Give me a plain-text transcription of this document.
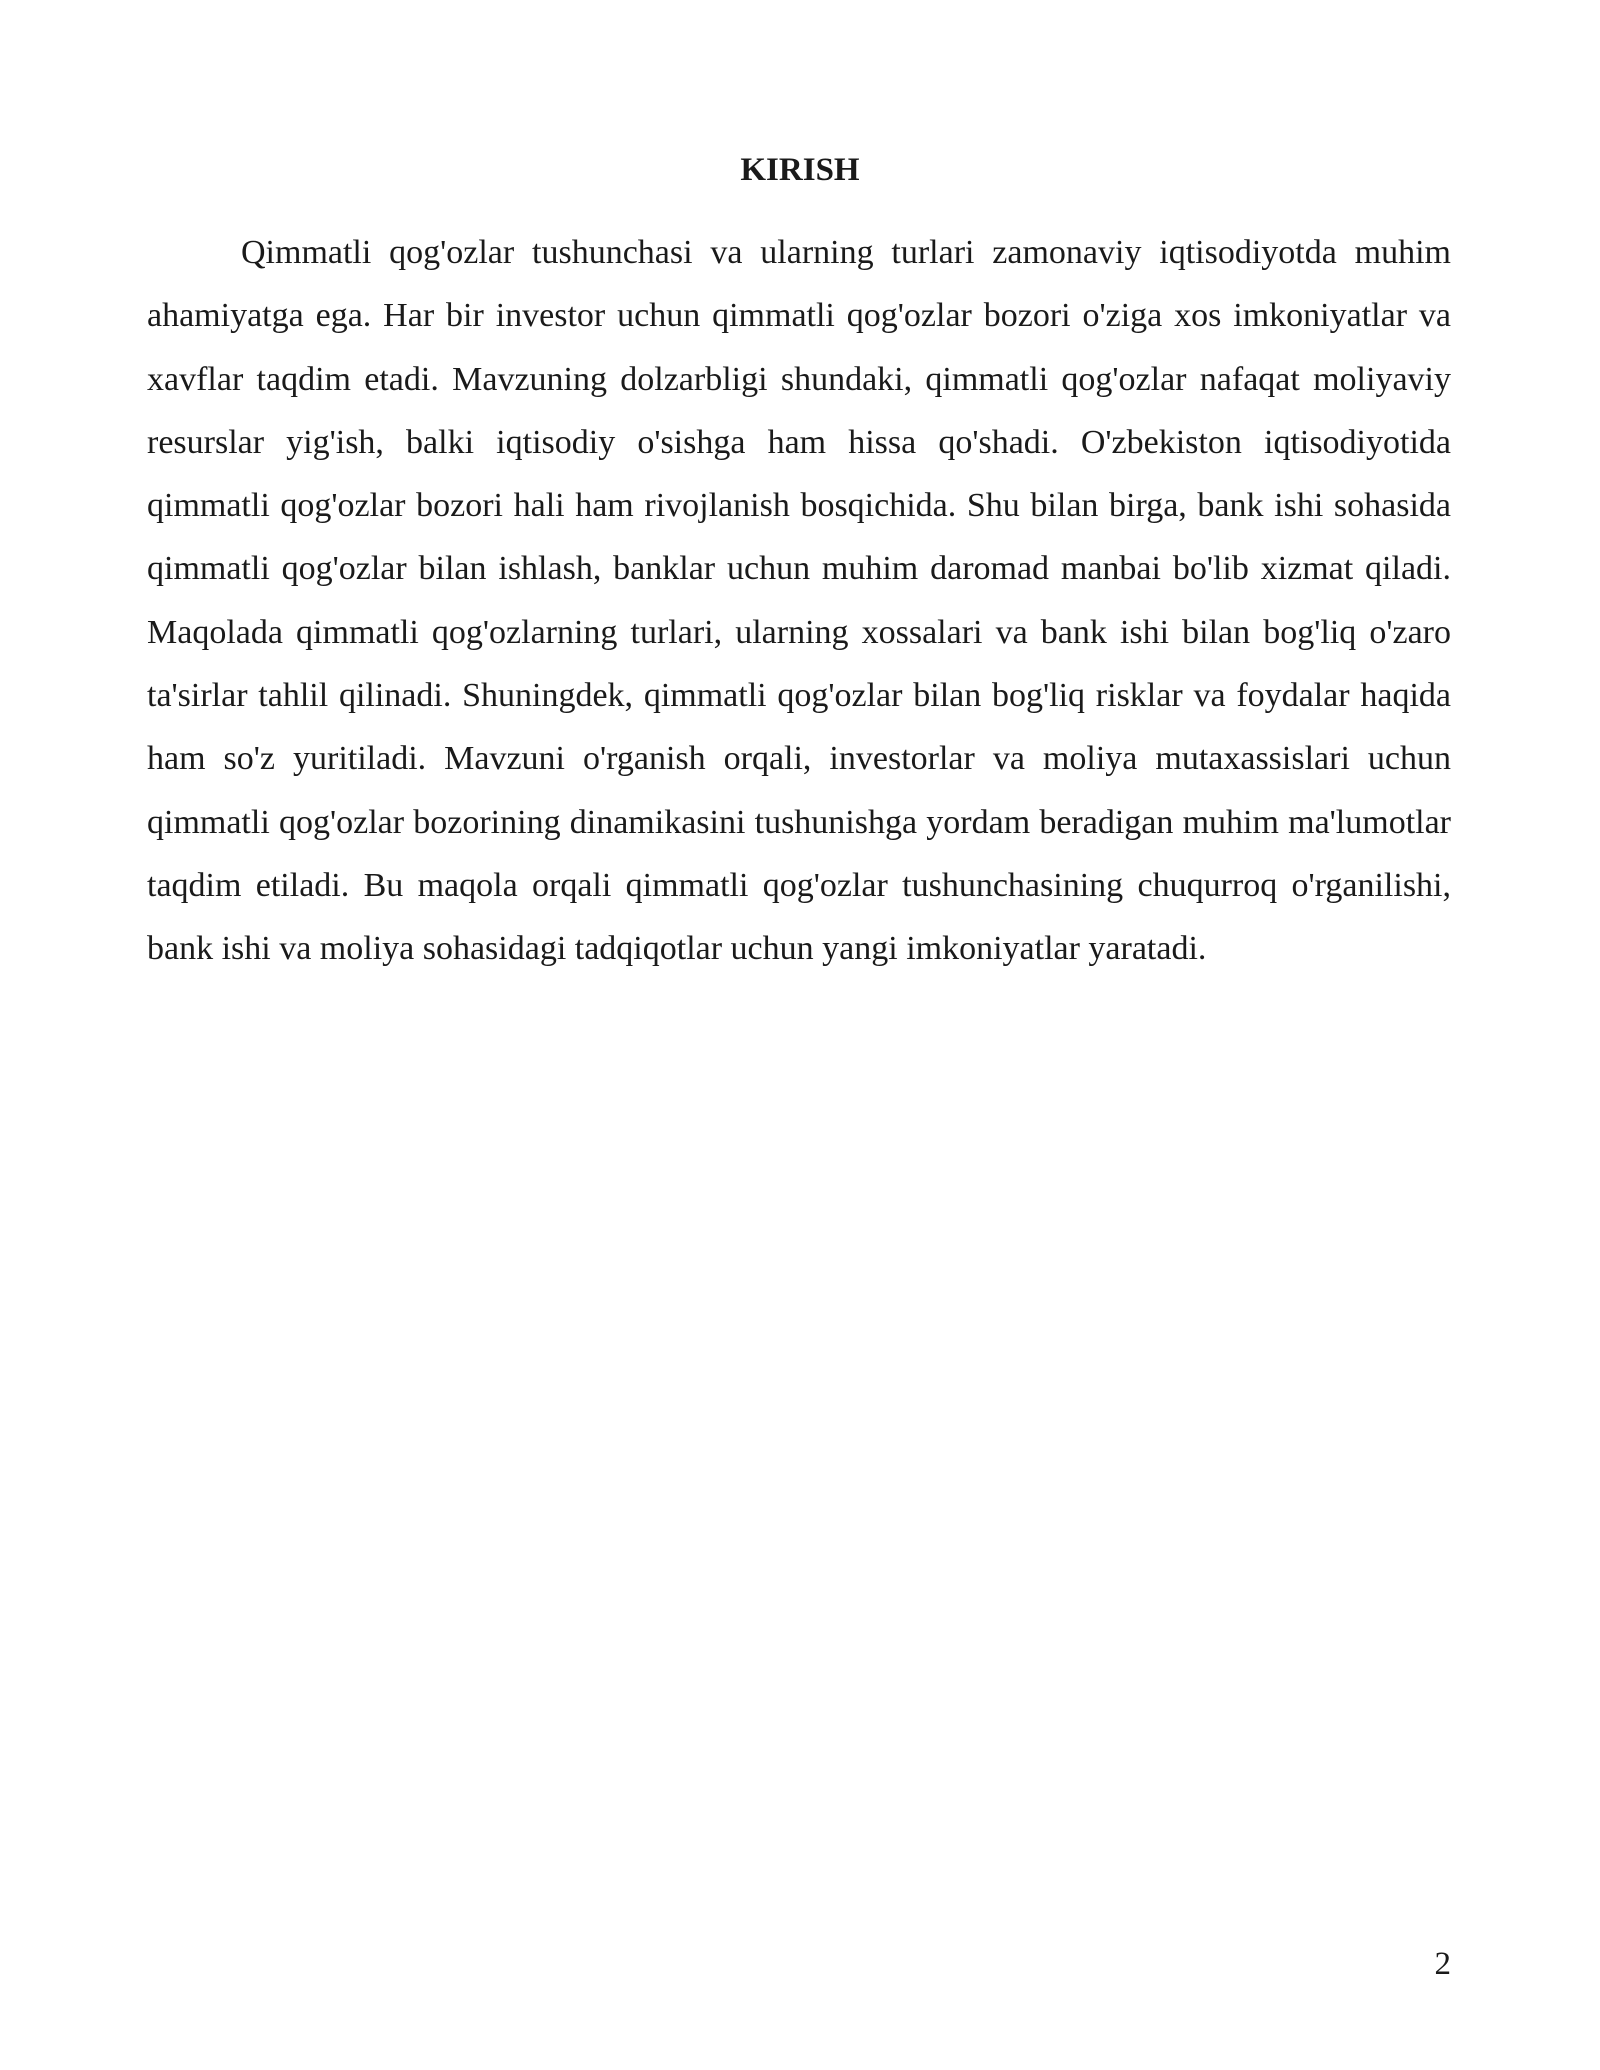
KIRISH

Qimmatli qog'ozlar tushunchasi va ularning turlari zamonaviy iqtisodiyotda muhim ahamiyatga ega. Har bir investor uchun qimmatli qog'ozlar bozori o'ziga xos imkoniyatlar va xavflar taqdim etadi. Mavzuning dolzarbligi shundaki, qimmatli qog'ozlar nafaqat moliyaviy resurslar yig'ish, balki iqtisodiy o'sishga ham hissa qo'shadi. O'zbekiston iqtisodiyotida qimmatli qog'ozlar bozori hali ham rivojlanish bosqichida. Shu bilan birga, bank ishi sohasida qimmatli qog'ozlar bilan ishlash, banklar uchun muhim daromad manbai bo'lib xizmat qiladi. Maqolada qimmatli qog'ozlarning turlari, ularning xossalari va bank ishi bilan bog'liq o'zaro ta'sirlar tahlil qilinadi. Shuningdek, qimmatli qog'ozlar bilan bog'liq risklar va foydalar haqida ham so'z yuritiladi. Mavzuni o'rganish orqali, investorlar va moliya mutaxassislari uchun qimmatli qog'ozlar bozorining dinamikasini tushunishga yordam beradigan muhim ma'lumotlar taqdim etiladi. Bu maqola orqali qimmatli qog'ozlar tushunchasining chuqurroq o'rganilishi, bank ishi va moliya sohasidagi tadqiqotlar uchun yangi imkoniyatlar yaratadi.

2
